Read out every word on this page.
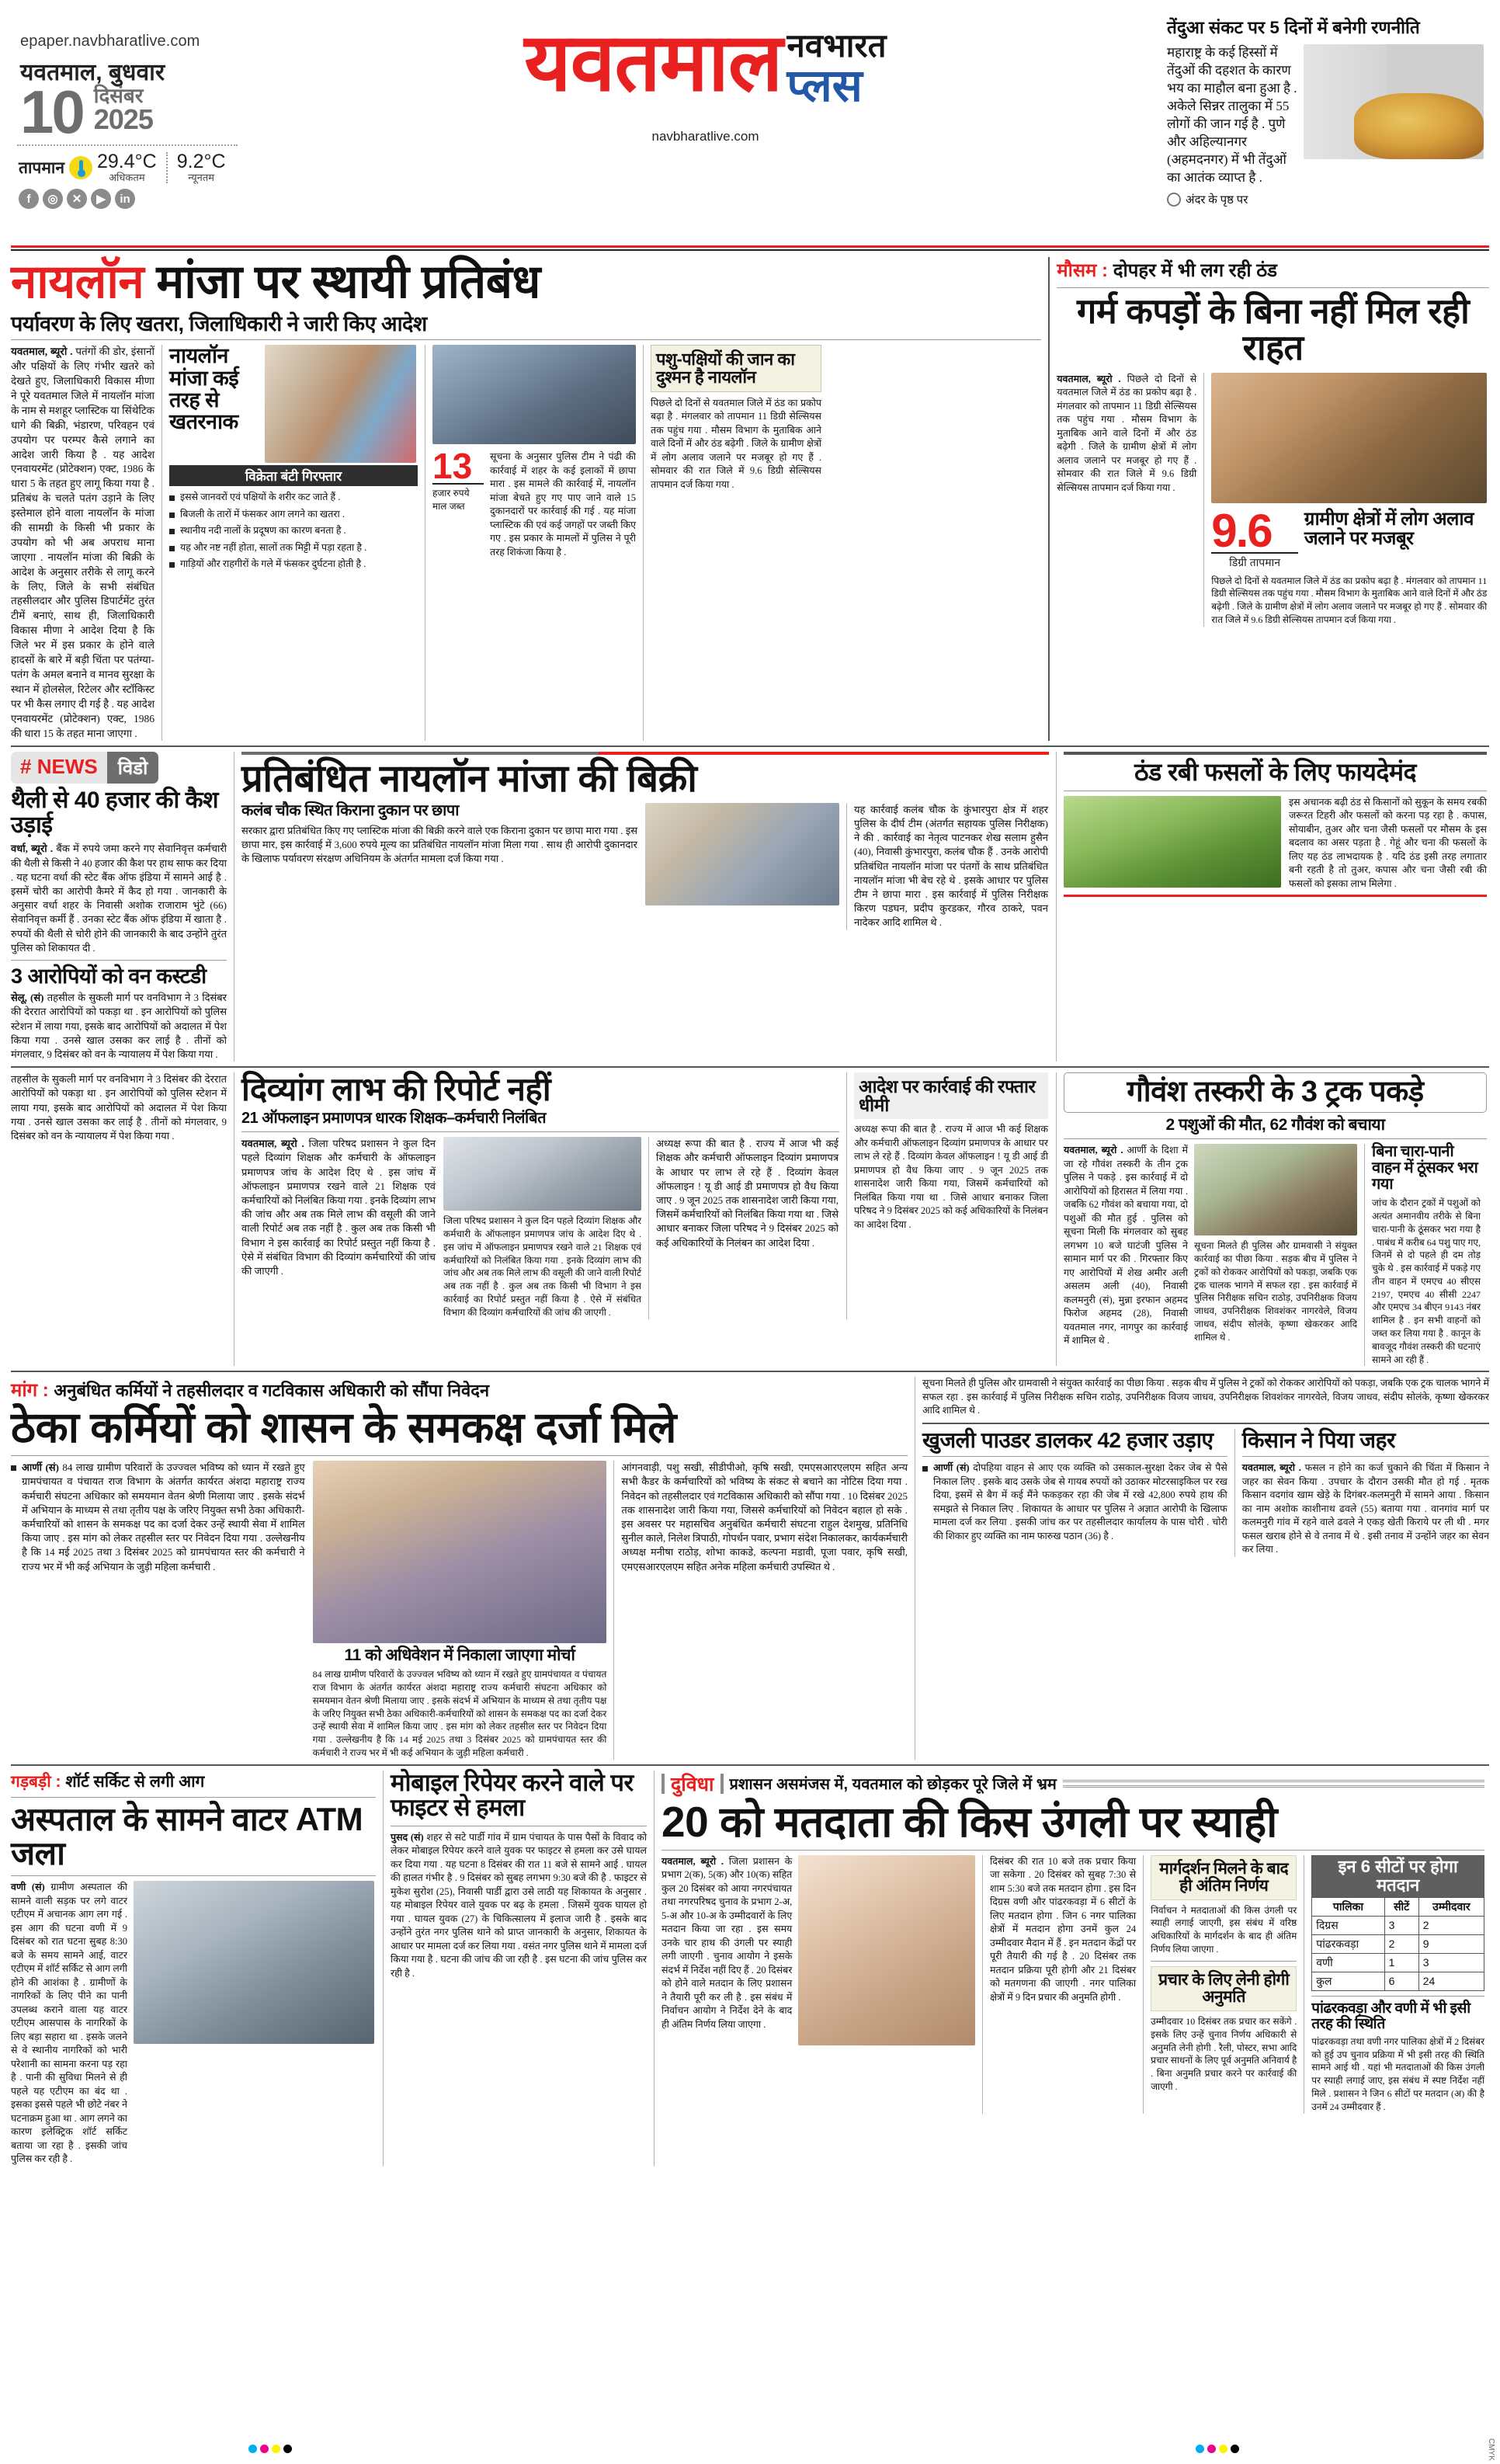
epaper.navbharatlive.com
यवतमाल, बुधवार
10 दिसंबर
2025
तापमान 29.4°C
अधिकतम
9.2°C
न्यूनतम
f	◎	✕	▶	in
यवतमाल नवभारत
प्लस
navbharatlive.com
तेंदुआ संकट पर 5 दिनों में बनेगी रणनीति
महाराष्ट्र के कई हिस्सों में तेंदुओं की दहशत के कारण भय का माहौल बना हुआ है . अकेले सिन्नर तालुका में 55 लोगों की जान गई है . पुणे और अहिल्यानगर (अहमदनगर) में भी तेंदुओं का आतंक व्याप्त है .
अंदर के पृष्ठ पर
नायलॉन मांजा पर स्थायी प्रतिबंध
पर्यावरण के लिए खतरा, जिलाधिकारी ने जारी किए आदेश
यवतमाल, ब्यूरो . पतंगों की डोर, इंसानों और पक्षियों के लिए गंभीर खतरे को देखते हुए, जिलाधिकारी विकास मीणा ने पूरे यवतमाल जिले में नायलॉन मांजा के नाम से मशहूर प्लास्टिक या सिंथेटिक धागे की बिक्री, भंडारण, परिवहन एवं उपयोग पर परम्पर कैसे लगाने का आदेश जारी किया है . यह आदेश एनवायरमेंट (प्रोटेक्शन) एक्ट, 1986 के धारा 5 के तहत हुए लागू किया गया है . प्रतिबंध के चलते पतंग उड़ाने के लिए इस्तेमाल होने वाला नायलॉन के मांजा की सामग्री के किसी भी प्रकार के उपयोग को भी अब अपराध माना जाएगा . नायलॉन मांजा की बिक्री के आदेश के अनुसार तरीके से लागू करने के लिए, जिले के सभी संबंधित तहसीलदार और पुलिस डिपार्टमेंट तुरंत टीमें बनाएं, साथ ही, जिलाधिकारी विकास मीणा ने आदेश दिया है कि जिले भर में इस प्रकार के होने वाले हादसों के बारे में बड़ी चिंता पर पतंग्या-पतंग के अमल बनाने व मानव सुरक्षा के स्थान में होलसेल, रिटेलर और स्टॉकिस्ट पर भी कैस लगाए दी गई है . यह आदेश एनवायरमेंट (प्रोटेक्शन) एक्ट, 1986 की धारा 15 के तहत माना जाएगा .
नायलॉन मांजा कई तरह से खतरनाक
विक्रेता बंटी गिरफ्तार
इससे जानवरों एवं पक्षियों के शरीर कट जाते हैं .
बिजली के तारों में फंसकर आग लगने का खतरा .
स्थानीय नदी नालों के प्रदूषण का कारण बनता है .
यह और नष्ट नहीं होता, सालों तक मिट्टी में पड़ा रहता है .
गाड़ियों और राहगीरों के गले में फंसकर दुर्घटना होती है .
13
हजार रुपये माल जब्त
सूचना के अनुसार पुलिस टीम ने पंढी की कार्रवाई में शहर के कई इलाकों में छापा मारा . इस मामले की कार्रवाई में, नायलॉन मांजा बेचते हुए गए पाए जाने वाले 15 दुकानदारों पर कार्रवाई की गई . यह मांजा प्लास्टिक की एवं कई जगहों पर जब्ती किए गए . इस प्रकार के मामलों में पुलिस ने पूरी तरह शिकंजा किया है .
पशु-पक्षियों की जान का दुश्मन है नायलॉन
पिछले दो दिनों से यवतमाल जिले में ठंड का प्रकोप बढ़ा है . मंगलवार को तापमान 11 डिग्री सेल्सियस तक पहुंच गया . मौसम विभाग के मुताबिक आने वाले दिनों में और ठंड बढ़ेगी . जिले के ग्रामीण क्षेत्रों में लोग अलाव जलाने पर मजबूर हो गए हैं . सोमवार की रात जिले में 9.6 डिग्री सेल्सियस तापमान दर्ज किया गया .
मौसम : दोपहर में भी लग रही ठंड
गर्म कपड़ों के बिना नहीं मिल रही राहत
यवतमाल, ब्यूरो . पिछले दो दिनों से यवतमाल जिले में ठंड का प्रकोप बढ़ा है . मंगलवार को तापमान 11 डिग्री सेल्सियस तक पहुंच गया . मौसम विभाग के मुताबिक आने वाले दिनों में और ठंड बढ़ेगी . जिले के ग्रामीण क्षेत्रों में लोग अलाव जलाने पर मजबूर हो गए हैं . सोमवार की रात जिले में 9.6 डिग्री सेल्सियस तापमान दर्ज किया गया .
9.6
डिग्री तापमान
ग्रामीण क्षेत्रों में लोग अलाव जलाने पर मजबूर
पिछले दो दिनों से यवतमाल जिले में ठंड का प्रकोप बढ़ा है . मंगलवार को तापमान 11 डिग्री सेल्सियस तक पहुंच गया . मौसम विभाग के मुताबिक आने वाले दिनों में और ठंड बढ़ेगी . जिले के ग्रामीण क्षेत्रों में लोग अलाव जलाने पर मजबूर हो गए हैं . सोमवार की रात जिले में 9.6 डिग्री सेल्सियस तापमान दर्ज किया गया .
# NEWS	विडो
थैली से 40 हजार की कैश उड़ाई
वर्धा, ब्यूरो . बैंक में रुपये जमा करने गए सेवानिवृत्त कर्मचारी की थैली से किसी ने 40 हजार की कैश पर हाथ साफ कर दिया . यह घटना वर्धा की स्टेट बैंक ऑफ इंडिया में सामने आई है . इसमें चोरी का आरोपी कैमरे में कैद हो गया . जानकारी के अनुसार वर्धा शहर के निवासी अशोक राजाराम भुंटे (66) सेवानिवृत्त कर्मी हैं . उनका स्टेट बैंक ऑफ इंडिया में खाता है . रुपयों की थैली से चोरी होने की जानकारी के बाद उन्होंने तुरंत पुलिस को शिकायत दी .
3 आरोपियों को वन कस्टडी
सेलू, (सं) तहसील के सुकली मार्ग पर वनविभाग ने 3 दिसंबर की देररात आरोपियों को पकड़ा था . इन आरोपियों को पुलिस स्टेशन में लाया गया, इसके बाद आरोपियों को अदालत में पेश किया गया . उनसे खाल उसका कर लाई है . तीनों को मंगलवार, 9 दिसंबर को वन के न्यायालय में पेश किया गया .
प्रतिबंधित नायलॉन मांजा की बिक्री
कलंब चौक स्थित किराना दुकान पर छापा
सरकार द्वारा प्रतिबंधित किए गए प्लास्टिक मांजा की बिक्री करने वाले एक किराना दुकान पर छापा मारा गया . इस छापा मार, इस कार्रवाई में 3,600 रुपये मूल्य का प्रतिबंधित नायलॉन मांजा मिला गया . साथ ही आरोपी दुकानदार के खिलाफ पर्यावरण संरक्षण अधिनियम के अंतर्गत मामला दर्ज किया गया .
यह कार्रवाई कलंब चौक के कुंभारपुरा क्षेत्र में शहर पुलिस के दीर्घ टीम (अंतर्गत सहायक पुलिस निरीक्षक) ने की . कार्रवाई का नेतृत्व पाटनकर शेख सलाम हुसैन (40), निवासी कुंभारपुरा, कलंब चौक हैं . उनके आरोपी प्रतिबंधित नायलॉन मांजा पर पंतगों के साथ प्रतिबंधित नायलॉन मांजा भी बेच रहे थे . इसके आधार पर पुलिस टीम ने छापा मारा . इस कार्रवाई में पुलिस निरीक्षक किरण पडघन, प्रदीप कुरडकर, गौरव ठाकरे, पवन नादेकर आदि शामिल थे .
ठंड रबी फसलों के लिए फायदेमंद
इस अचानक बढ़ी ठंड से किसानों को सुकून के समय रबकी जरूरत टिहरी और फसलों को करना पड़ रहा है . कपास, सोयाबीन, तुअर और चना जैसी फसलों पर मौसम के इस बदलाव का असर पड़ता है . गेहूं और चना की फसलों के लिए यह ठंड लाभदायक है . यदि ठंड इसी तरह लगातार बनी रहती है तो तुअर, कपास और चना जैसी रबी की फसलों को इसका लाभ मिलेगा .
तहसील के सुकली मार्ग पर वनविभाग ने 3 दिसंबर की देररात आरोपियों को पकड़ा था . इन आरोपियों को पुलिस स्टेशन में लाया गया, इसके बाद आरोपियों को अदालत में पेश किया गया . उनसे खाल उसका कर लाई है . तीनों को मंगलवार, 9 दिसंबर को वन के न्यायालय में पेश किया गया .
दिव्यांग लाभ की रिपोर्ट नहीं
21 ऑफलाइन प्रमाणपत्र धारक शिक्षक–कर्मचारी निलंबित
यवतमाल, ब्यूरो . जिला परिषद प्रशासन ने कुल दिन पहले दिव्यांग शिक्षक और कर्मचारी के ऑफलाइन प्रमाणपत्र जांच के आदेश दिए थे . इस जांच में ऑफलाइन प्रमाणपत्र रखने वाले 21 शिक्षक एवं कर्मचारियों को निलंबित किया गया . इनके दिव्यांग लाभ की जांच और अब तक मिले लाभ की वसूली की जाने वाली रिपोर्ट अब तक नहीं है . कुल अब तक किसी भी विभाग ने इस कार्रवाई का रिपोर्ट प्रस्तुत नहीं किया है . ऐसे में संबंधित विभाग की दिव्यांग कर्मचारियों की जांच की जाएगी .
जिला परिषद प्रशासन ने कुल दिन पहले दिव्यांग शिक्षक और कर्मचारी के ऑफलाइन प्रमाणपत्र जांच के आदेश दिए थे . इस जांच में ऑफलाइन प्रमाणपत्र रखने वाले 21 शिक्षक एवं कर्मचारियों को निलंबित किया गया . इनके दिव्यांग लाभ की जांच और अब तक मिले लाभ की वसूली की जाने वाली रिपोर्ट अब तक नहीं है . कुल अब तक किसी भी विभाग ने इस कार्रवाई का रिपोर्ट प्रस्तुत नहीं किया है . ऐसे में संबंधित विभाग की दिव्यांग कर्मचारियों की जांच की जाएगी .
अध्यक्ष रूपा की बात है . राज्य में आज भी कई शिक्षक और कर्मचारी ऑफलाइन दिव्यांग प्रमाणपत्र के आधार पर लाभ ले रहे हैं . दिव्यांग केवल ऑफलाइन ! यू डी आई डी प्रमाणपत्र हो वैध किया जाए . 9 जून 2025 तक शासनादेश जारी किया गया, जिसमें कर्मचारियों को निलंबित किया गया था . जिसे आधार बनाकर जिला परिषद ने 9 दिसंबर 2025 को कई अधिकारियों के निलंबन का आदेश दिया .
आदेश पर कार्रवाई की रफ्तार धीमी
अध्यक्ष रूपा की बात है . राज्य में आज भी कई शिक्षक और कर्मचारी ऑफलाइन दिव्यांग प्रमाणपत्र के आधार पर लाभ ले रहे हैं . दिव्यांग केवल ऑफलाइन ! यू डी आई डी प्रमाणपत्र हो वैध किया जाए . 9 जून 2025 तक शासनादेश जारी किया गया, जिसमें कर्मचारियों को निलंबित किया गया था . जिसे आधार बनाकर जिला परिषद ने 9 दिसंबर 2025 को कई अधिकारियों के निलंबन का आदेश दिया .
गौवंश तस्करी के 3 ट्रक पकड़े
2 पशुओं की मौत, 62 गौवंश को बचाया
यवतमाल, ब्यूरो . आर्णी के दिशा में जा रहे गौवंश तस्करी के तीन ट्रक पुलिस ने पकड़े . इस कार्रवाई में दो आरोपियों को हिरासत में लिया गया . जबकि 62 गौवंश को बचाया गया, दो पशुओं की मौत हुई . पुलिस को सूचना मिली कि मंगलवार को सुबह लगभग 10 बजे घाटंजी पुलिस ने सामान मार्ग पर की . गिरफ्तार किए गए आरोपियों में शेख अमीर अली असलम अली (40), निवासी कलमनुरी (सं), मुन्ना इरफान अहमद फिरोज अहमद (28), निवासी यवतमाल नगर, नागपुर का कार्रवाई में शामिल थे .
सूचना मिलते ही पुलिस और ग्रामवासी ने संयुक्त कार्रवाई का पीछा किया . सड़क बीच में पुलिस ने ट्रकों को रोककर आरोपियों को पकड़ा, जबकि एक ट्रक चालक भागने में सफल रहा . इस कार्रवाई में पुलिस निरीक्षक सचिन राठोड़, उपनिरीक्षक विजय जाधव, उपनिरीक्षक शिवशंकर नागरवेले, विजय जाधव, संदीप सोलंके, कृष्णा खेकरकर आदि शामिल थे .
बिना चारा-पानी वाहन में ठूंसकर भरा गया
जांच के दौरान ट्रकों में पशुओं को अत्यंत अमानवीय तरीके से बिना चारा-पानी के ठूंसकर भरा गया है . पाबंध में करीब 64 पशु पाए गए, जिनमें से दो पहले ही दम तोड़ चुके थे . इस कार्रवाई में पकड़े गए तीन वाहन में एमएच 40 सीएस 2197, एमएच 40 सीसी 2247 और एमएच 34 बीएन 9143 नंबर शामिल है . इन सभी वाहनों को जब्त कर लिया गया है . कानून के बावजूद गौवंश तस्करी की घटनाएं सामने आ रही हैं .
मांग : अनुबंधित कर्मियों ने तहसीलदार व गटविकास अधिकारी को सौंपा निवेदन
ठेका कर्मियों को शासन के समकक्ष दर्जा मिले
आर्णी (सं) 84 लाख ग्रामीण परिवारों के उज्ज्वल भविष्य को ध्यान में रखते हुए ग्रामपंचायत व पंचायत राज विभाग के अंतर्गत कार्यरत अंशदा महाराष्ट्र राज्य कर्मचारी संघटना अधिकार को समयमान वेतन श्रेणी मिलाया जाए . इसके संदर्भ में अभियान के माध्यम से तथा तृतीय पक्ष के जरिए नियुक्त सभी ठेका अधिकारी-कर्मचारियों को शासन के समकक्ष पद का दर्जा देकर उन्हें स्थायी सेवा में शामिल किया जाए . इस मांग को लेकर तहसील स्तर पर निवेदन दिया गया . उल्लेखनीय है कि 14 मई 2025 तथा 3 दिसंबर 2025 को ग्रामपंचायत स्तर की कर्मचारी ने राज्य भर में भी कई अभियान के जुड़ी महिला कर्मचारी .
11 को अधिवेशन में निकाला जाएगा मोर्चा
84 लाख ग्रामीण परिवारों के उज्ज्वल भविष्य को ध्यान में रखते हुए ग्रामपंचायत व पंचायत राज विभाग के अंतर्गत कार्यरत अंशदा महाराष्ट्र राज्य कर्मचारी संघटना अधिकार को समयमान वेतन श्रेणी मिलाया जाए . इसके संदर्भ में अभियान के माध्यम से तथा तृतीय पक्ष के जरिए नियुक्त सभी ठेका अधिकारी-कर्मचारियों को शासन के समकक्ष पद का दर्जा देकर उन्हें स्थायी सेवा में शामिल किया जाए . इस मांग को लेकर तहसील स्तर पर निवेदन दिया गया . उल्लेखनीय है कि 14 मई 2025 तथा 3 दिसंबर 2025 को ग्रामपंचायत स्तर की कर्मचारी ने राज्य भर में भी कई अभियान के जुड़ी महिला कर्मचारी .
आंगनवाड़ी, पशु सखी, सीडीपीओ, कृषि सखी, एमएसआरएलएम सहित अन्य सभी कैडर के कर्मचारियों को भविष्य के संकट से बचाने का नोटिस दिया गया . निवेदन को तहसीलदार एवं गटविकास अधिकारी को सौंपा गया . 10 दिसंबर 2025 तक शासनादेश जारी किया गया, जिससे कर्मचारियों को निवेदन बहाल हो सके . इस अवसर पर महासचिव अनुबंधित कर्मचारी संघटना राहुल देशमुख, प्रतिनिधि सुनील काले, निलेश त्रिपाठी, गोपर्धन पवार, प्रभाग संदेश निकालकर, कार्यकर्मचारी अध्यक्ष मनीषा राठोड़, शोभा काकडे, कल्पना मडावी, पूजा पवार, कृषि सखी, एमएसआरएलएम सहित अनेक महिला कर्मचारी उपस्थित थे .
सूचना मिलते ही पुलिस और ग्रामवासी ने संयुक्त कार्रवाई का पीछा किया . सड़क बीच में पुलिस ने ट्रकों को रोककर आरोपियों को पकड़ा, जबकि एक ट्रक चालक भागने में सफल रहा . इस कार्रवाई में पुलिस निरीक्षक सचिन राठोड़, उपनिरीक्षक विजय जाधव, उपनिरीक्षक शिवशंकर नागरवेले, विजय जाधव, संदीप सोलंके, कृष्णा खेकरकर आदि शामिल थे .
खुजली पाउडर डालकर 42 हजार उड़ाए
आर्णी (सं) दोपहिया वाहन से आए एक व्यक्ति को उसकाल-सुरक्षा देकर जेब से पैसे निकाल लिए . इसके बाद उसके जेब से गायब रुपयों को उठाकर मोटरसाइकिल पर रख दिया, इसमें से बैग में कई मैंने फकड़कर रहा की जेब में रखे 42,800 रुपये हाथ की समझते से निकाल लिए . शिकायत के आधार पर पुलिस ने अज्ञात आरोपी के खिलाफ मामला दर्ज कर लिया . इसकी जांच कर पर तहसीलदार कार्यालय के पास चोरी . चोरी की शिकार हुए व्यक्ति का नाम फारुख पठान (36) है .
किसान ने पिया जहर
यवतमाल, ब्यूरो . फसल न होने का कर्ज चुकाने की चिंता में किसान ने जहर का सेवन किया . उपचार के दौरान उसकी मौत हो गई . मृतक किसान वदगांव खाम खेड़े के दिगंबर-कलमनुरी में सामने आया . किसान का नाम अशोक काशीनाथ ढवले (55) बताया गया . वानगांव मार्ग पर कलमनुरी गांव में रहने वाले ढवले ने एकड़ खेती किराये पर ली थी . मगर फसल खराब होने से वे तनाव में थे . इसी तनाव में उन्होंने जहर का सेवन कर लिया .
गड़बड़ी : शॉर्ट सर्किट से लगी आग
अस्पताल के सामने वाटर ATM जला
वणी (सं) ग्रामीण अस्पताल की सामने वाली सड़क पर लगे वाटर एटीएम में अचानक आग लग गई . इस आग की घटना वणी में 9 दिसंबर को रात घटना सुबह 8:30 बजे के समय सामने आई, वाटर एटीएम में शॉर्ट सर्किट से आग लगी होने की आशंका है . ग्रामीणों के नागरिकों के लिए पीने का पानी उपलब्ध कराने वाला यह वाटर एटीएम आसपास के नागरिकों के लिए बड़ा सहारा था . इसके जलने से वे स्थानीय नागरिकों को भारी परेशानी का सामना करना पड़ रहा है . पानी की सुविधा मिलने से ही पहले यह एटीएम का बंद था . इसका इससे पहले भी छोटे नंबर ने घटनाक्रम हुआ था . आग लगने का कारण इलेक्ट्रिक शॉर्ट सर्किट बताया जा रहा है . इसकी जांच पुलिस कर रही है .
मोबाइल रिपेयर करने वाले पर फाइटर से हमला
पुसद (सं) शहर से सटे पार्डी गांव में ग्राम पंचायत के पास पैसों के विवाद को लेकर मोबाइल रिपेयर करने वाले युवक पर फाइटर से हमला कर उसे घायल कर दिया गया . यह घटना 8 दिसंबर की रात 11 बजे से सामने आई . घायल की हालत गंभीर है . 9 दिसंबर को सुबह लगभग 9:30 बजे की है . फाइटर से मुकेश सुरोश (25), निवासी पार्डी द्वारा उसे लाठी यह शिकायत के अनुसार . यह मोबाइल रिपेयर वाले युवक पर बढ़ के हमला . जिसमें युवक घायल हो गया . घायल युवक (27) के चिकित्सालय में इलाज जारी है . इसके बाद उन्होंने तुरंत नगर पुलिस थाने को प्राप्त जानकारी के अनुसार, शिकायत के आधार पर मामला दर्ज कर लिया गया . वसंत नगर पुलिस थाने में मामला दर्ज किया गया है . घटना की जांच की जा रही है . इस घटना की जांच पुलिस कर रही है .
दुविधा प्रशासन असमंजस में, यवतमाल को छोड़कर पूरे जिले में भ्रम
20 को मतदाता की किस उंगली पर स्याही
यवतमाल, ब्यूरो . जिला प्रशासन के प्रभाग 2(क), 5(क) और 10(क) सहित कुल 20 दिसंबर को आया नगरपंचायत तथा नगरपरिषद चुनाव के प्रभाग 2-अ, 5-अ और 10-अ के उम्मीदवारों के लिए मतदान किया जा रहा . इस समय उनके चार हाथ की उंगली पर स्याही लगी जाएगी . चुनाव आयोग ने इसके संदर्भ में निर्देश नहीं दिए हैं . 20 दिसंबर को होने वाले मतदान के लिए प्रशासन ने तैयारी पूरी कर ली है . इस संबंध में निर्वाचन आयोग ने निर्देश देने के बाद ही अंतिम निर्णय लिया जाएगा .
दिसंबर की रात 10 बजे तक प्रचार किया जा सकेगा . 20 दिसंबर को सुबह 7:30 से शाम 5:30 बजे तक मतदान होगा . इस दिन दिग्रस वणी और पांढरकवड़ा में 6 सीटों के लिए मतदान होगा . जिन 6 नगर पालिका क्षेत्रों में मतदान होगा उनमें कुल 24 उम्मीदवार मैदान में हैं . इन मतदान केंद्रों पर पूरी तैयारी की गई है . 20 दिसंबर तक मतदान प्रक्रिया पूरी होगी और 21 दिसंबर को मतगणना की जाएगी . नगर पालिका क्षेत्रों में 9 दिन प्रचार की अनुमति होगी .
मार्गदर्शन मिलने के बाद ही अंतिम निर्णय
निर्वाचन ने मतदाताओं की किस उंगली पर स्याही लगाई जाएगी, इस संबंध में वरिष्ठ अधिकारियों के मार्गदर्शन के बाद ही अंतिम निर्णय लिया जाएगा .
प्रचार के लिए लेनी होगी अनुमति
उम्मीदवार 10 दिसंबर तक प्रचार कर सकेंगे . इसके लिए उन्हें चुनाव निर्णय अधिकारी से अनुमति लेनी होगी . रैली, पोस्टर, सभा आदि प्रचार साधनों के लिए पूर्व अनुमति अनिवार्य है . बिना अनुमति प्रचार करने पर कार्रवाई की जाएगी .
इन 6 सीटों पर होगा मतदान		
पालिका	सीटें	उम्मीदवार
दिग्रस	3	2
पांढरकवड़ा	2	9
वणी	1	3
कुल	6	24
पांढरकवड़ा और वणी में भी इसी तरह की स्थिति
पांढरकवड़ा तथा वणी नगर पालिका क्षेत्रों में 2 दिसंबर को हुई उप चुनाव प्रक्रिया में भी इसी तरह की स्थिति सामने आई थी . यहां भी मतदाताओं की किस उंगली पर स्याही लगाई जाए, इस संबंध में स्पष्ट निर्देश नहीं मिले . प्रशासन ने जिन 6 सीटों पर मतदान (अ) की है उनमें 24 उम्मीदवार हैं .
CMYK
